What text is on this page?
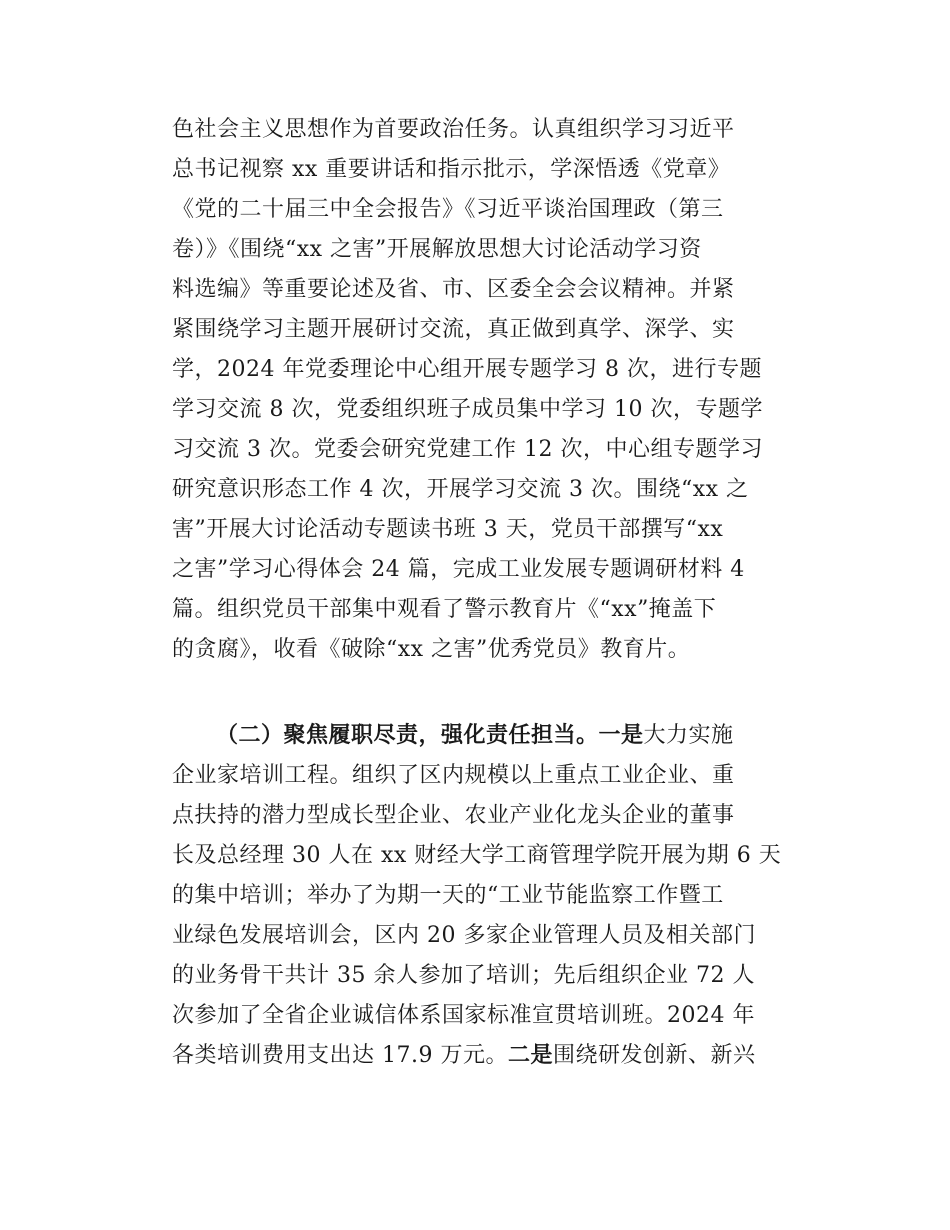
色社会主义思想作为首要政治任务。认真组织学习习近平
总书记视察 xx 重要讲话和指示批示，学深悟透《党章》
《党的二十届三中全会报告》《习近平谈治国理政（第三
卷）》《围绕“xx 之害”开展解放思想大讨论活动学习资
料选编》等重要论述及省、市、区委全会会议精神。并紧
紧围绕学习主题开展研讨交流，真正做到真学、深学、实
学，2024 年党委理论中心组开展专题学习 8 次，进行专题
学习交流 8 次，党委组织班子成员集中学习 10 次，专题学
习交流 3 次。党委会研究党建工作 12 次，中心组专题学习
研究意识形态工作 4 次，开展学习交流 3 次。围绕“xx 之
害”开展大讨论活动专题读书班 3 天，党员干部撰写“xx
之害”学习心得体会 24 篇，完成工业发展专题调研材料 4
篇。组织党员干部集中观看了警示教育片《“xx”掩盖下
的贪腐》，收看《破除“xx 之害”优秀党员》教育片。
（二）聚焦履职尽责，强化责任担当。一是大力实施
企业家培训工程。组织了区内规模以上重点工业企业、重
点扶持的潜力型成长型企业、农业产业化龙头企业的董事
长及总经理 30 人在 xx 财经大学工商管理学院开展为期 6 天
的集中培训；举办了为期一天的“工业节能监察工作暨工
业绿色发展培训会，区内 20 多家企业管理人员及相关部门
的业务骨干共计 35 余人参加了培训；先后组织企业 72 人
次参加了全省企业诚信体系国家标准宣贯培训班。2024 年
各类培训费用支出达 17.9 万元。二是围绕研发创新、新兴
